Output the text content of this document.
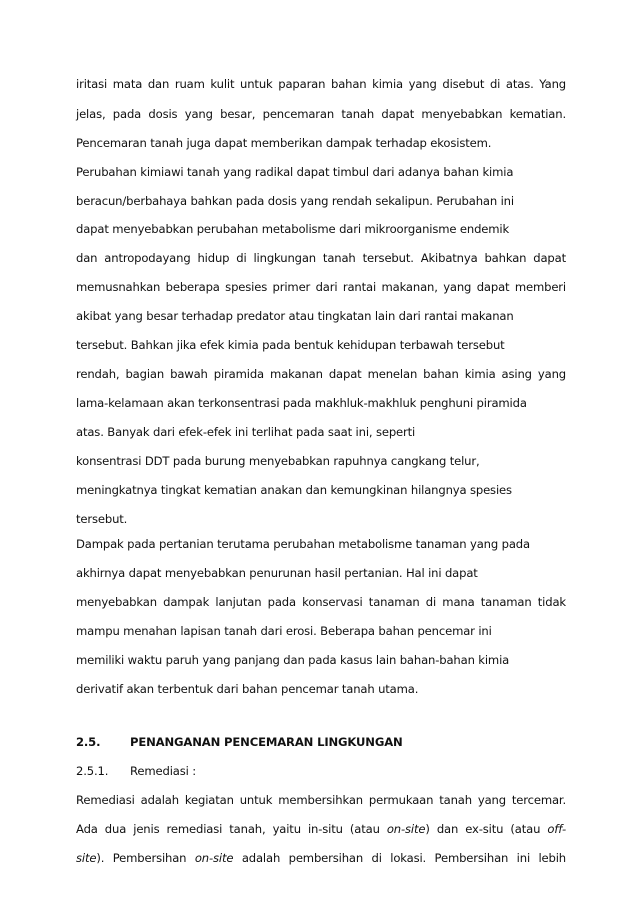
iritasi mata dan ruam kulit untuk paparan bahan kimia yang disebut di atas. Yang
jelas, pada dosis yang besar, pencemaran tanah dapat menyebabkan kematian.
Pencemaran tanah juga dapat memberikan dampak terhadap ekosistem.
Perubahan kimiawi tanah yang radikal dapat timbul dari adanya bahan kimia
beracun/berbahaya bahkan pada dosis yang rendah sekalipun. Perubahan ini
dapat menyebabkan perubahan metabolisme dari mikroorganisme endemik
dan antropodayang hidup di lingkungan tanah tersebut. Akibatnya bahkan dapat
memusnahkan beberapa spesies primer dari rantai makanan, yang dapat memberi
akibat yang besar terhadap predator atau tingkatan lain dari rantai makanan
tersebut. Bahkan jika efek kimia pada bentuk kehidupan terbawah tersebut
rendah, bagian bawah piramida makanan dapat menelan bahan kimia asing yang
lama-kelamaan akan terkonsentrasi pada makhluk-makhluk penghuni piramida
atas. Banyak dari efek-efek ini terlihat pada saat ini, seperti
konsentrasi DDT pada burung menyebabkan rapuhnya cangkang telur,
meningkatnya tingkat kematian anakan dan kemungkinan hilangnya spesies
tersebut.
Dampak pada pertanian terutama perubahan metabolisme tanaman yang pada
akhirnya dapat menyebabkan penurunan hasil pertanian. Hal ini dapat
menyebabkan dampak lanjutan pada konservasi tanaman di mana tanaman tidak
mampu menahan lapisan tanah dari erosi. Beberapa bahan pencemar ini
memiliki waktu paruh yang panjang dan pada kasus lain bahan-bahan kimia
derivatif akan terbentuk dari bahan pencemar tanah utama.
2.5.	PENANGANAN PENCEMARAN LINGKUNGAN
2.5.1. Remediasi :
Remediasi adalah kegiatan untuk membersihkan permukaan tanah yang tercemar.
Ada dua jenis remediasi tanah, yaitu in-situ (atau on-site) dan ex-situ (atau off-
site). Pembersihan on-site adalah pembersihan di lokasi. Pembersihan ini lebih
